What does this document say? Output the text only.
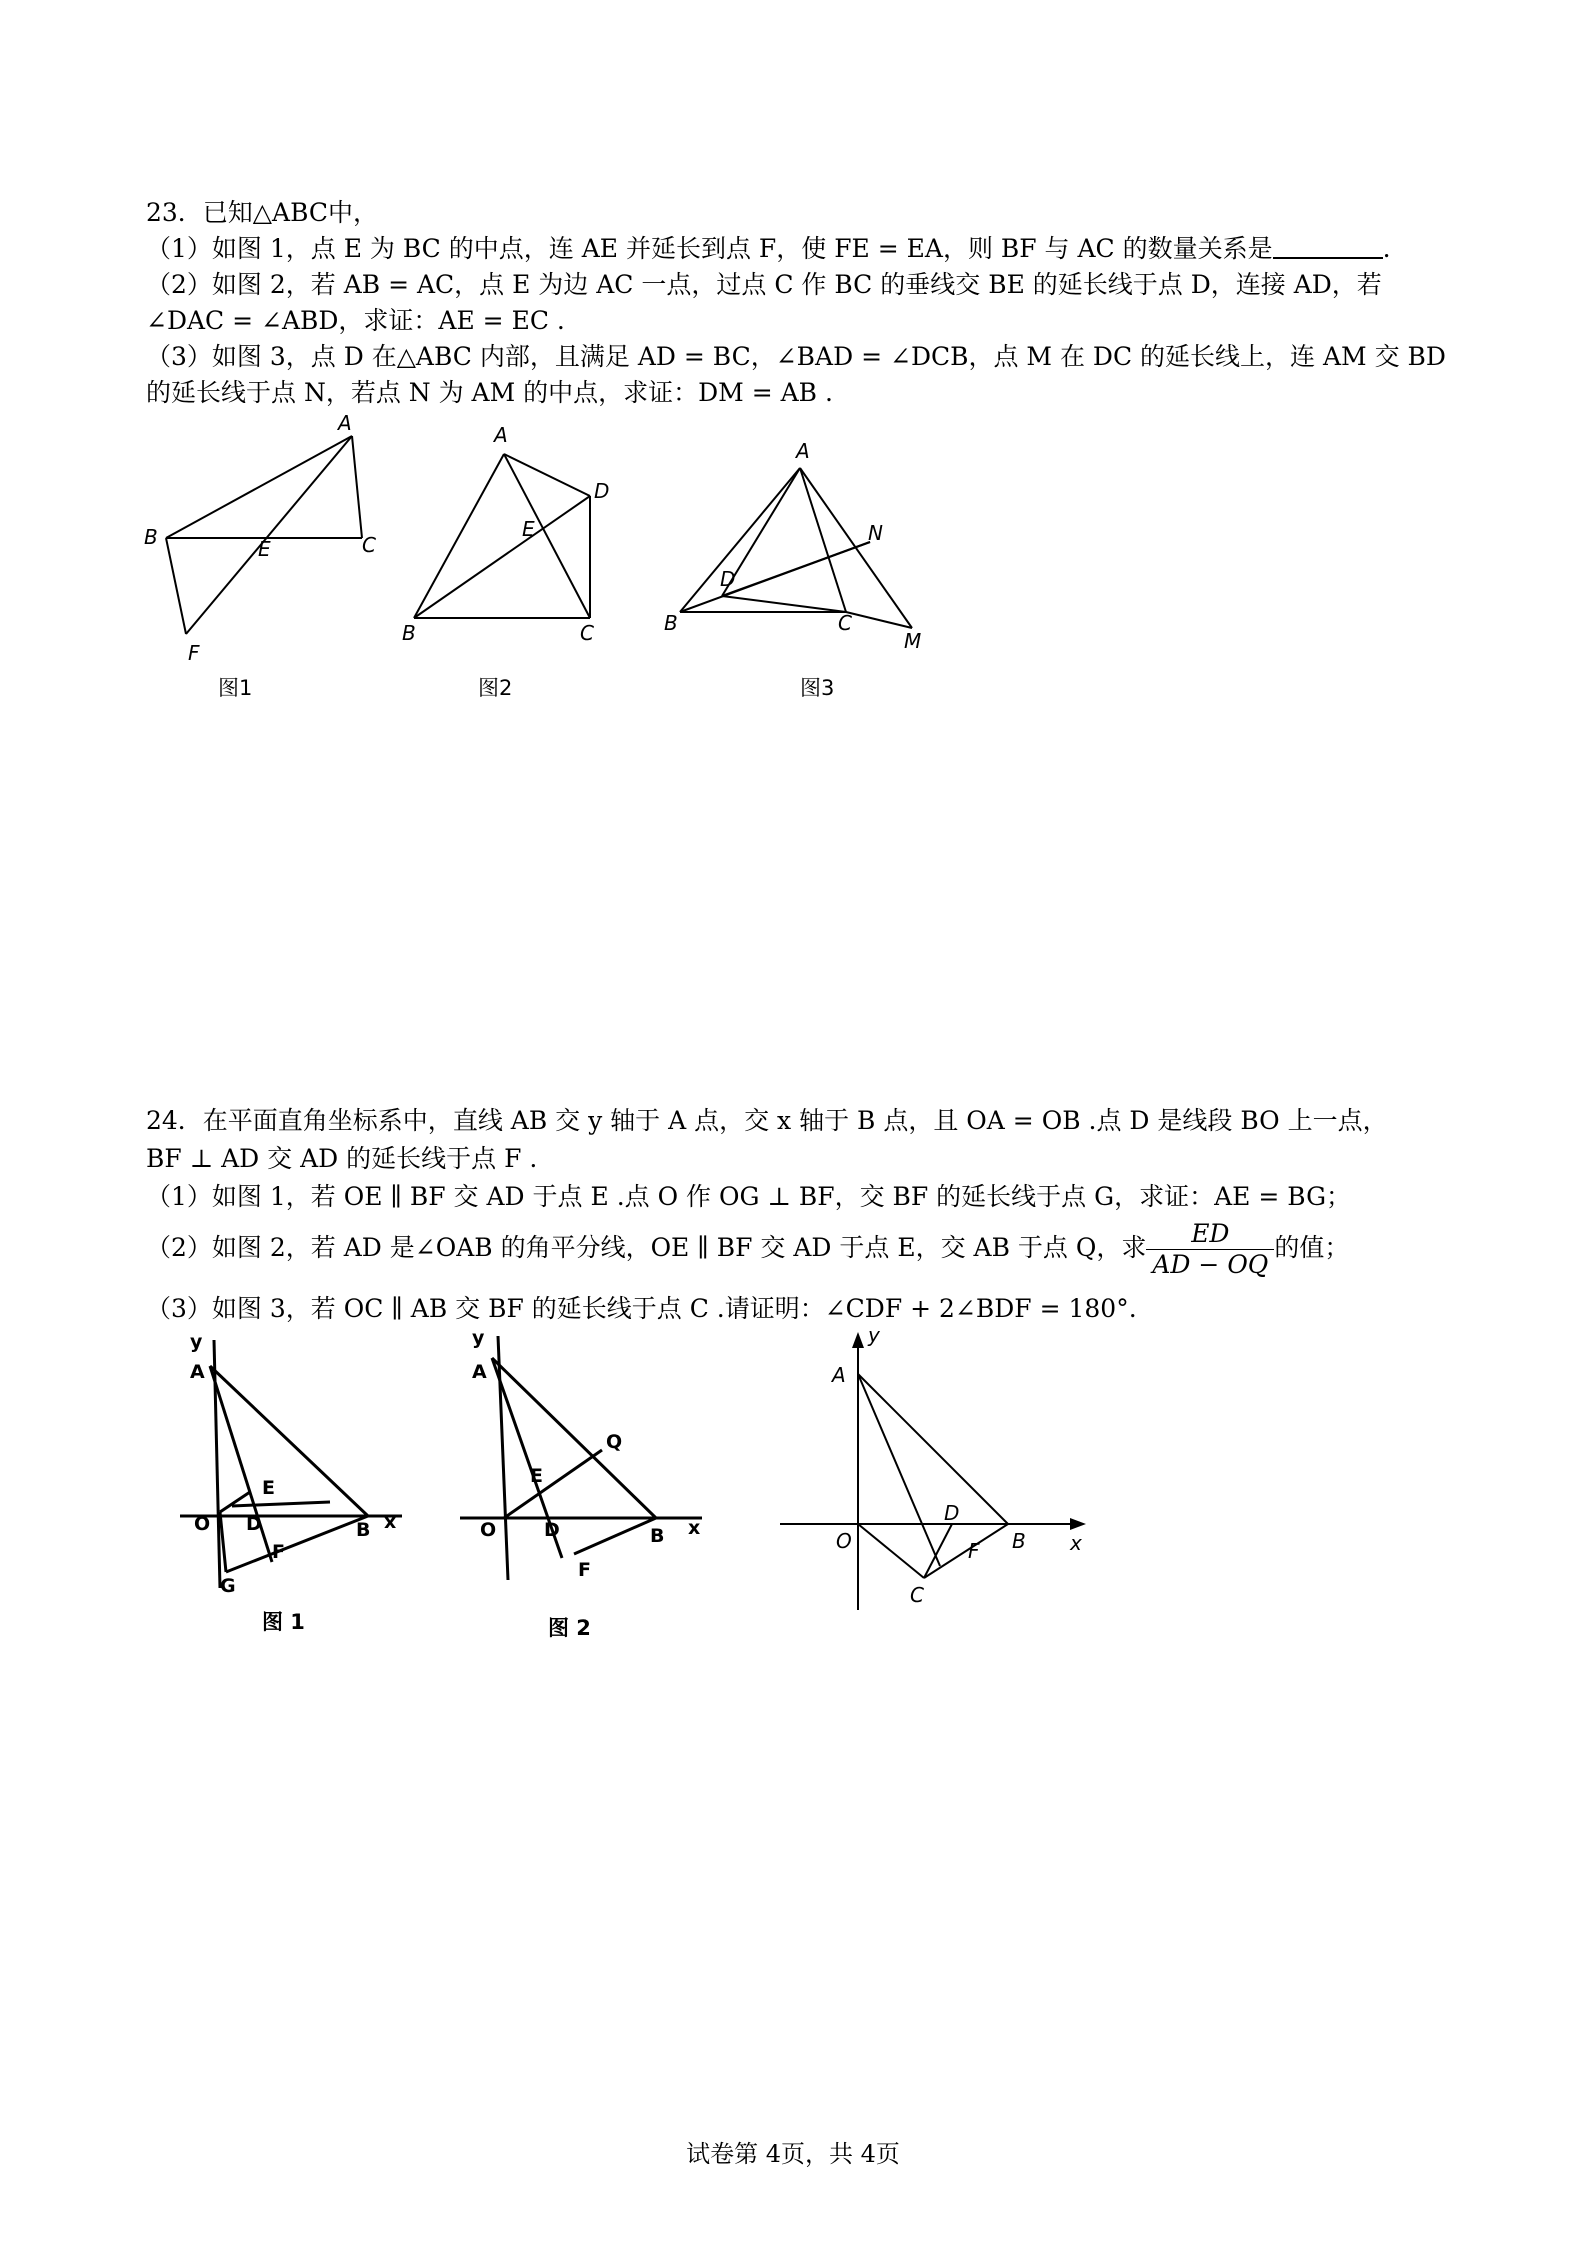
23．已知△ABC中，
（1）如图 1，点 E 为 BC 的中点，连 AE 并延长到点 F，使 FE = EA，则 BF 与 AC 的数量关系是	.
（2）如图 2，若 AB = AC，点 E 为边 AC 一点，过点 C 作 BC 的垂线交 BE 的延长线于点 D，连接 AD，若
∠DAC = ∠ABD，求证：AE = EC .
（3）如图 3，点 D 在△ABC 内部，且满足 AD = BC，∠BAD = ∠DCB，点 M 在 DC 的延长线上，连 AM 交 BD
的延长线于点 N，若点 N 为 AM 的中点，求证：DM = AB .
A
B	C
E
F
图1
A
B	C
D
E
图2
A
B	C
D
M
N
图3
24．在平面直角坐标系中，直线 AB 交 y 轴于 A 点，交 x 轴于 B 点，且 OA = OB .点 D 是线段 BO 上一点，
BF ⊥ AD 交 AD 的延长线于点 F .
（1）如图 1，若 OE ∥ BF 交 AD 于点 E .点 O 作 OG ⊥ BF，交 BF 的延长线于点 G，求证：AE = BG；
（2）如图 2，若 AD 是∠OAB 的角平分线，OE ∥ BF 交 AD 于点 E，交 AB 于点 Q，求 $\frac{ED}{AD - OQ}$ 的值；
（3）如图 3，若 OC ∥ AB 交 BF 的延长线于点 C .请证明：∠CDF + 2∠BDF = 180°.
y
A
O D
E
B x
F
G
图 1
y
A
O	D
E
Q
B x
F
图 2
y
A
O
D
B x
F
C
试卷第 4页，共 4页
